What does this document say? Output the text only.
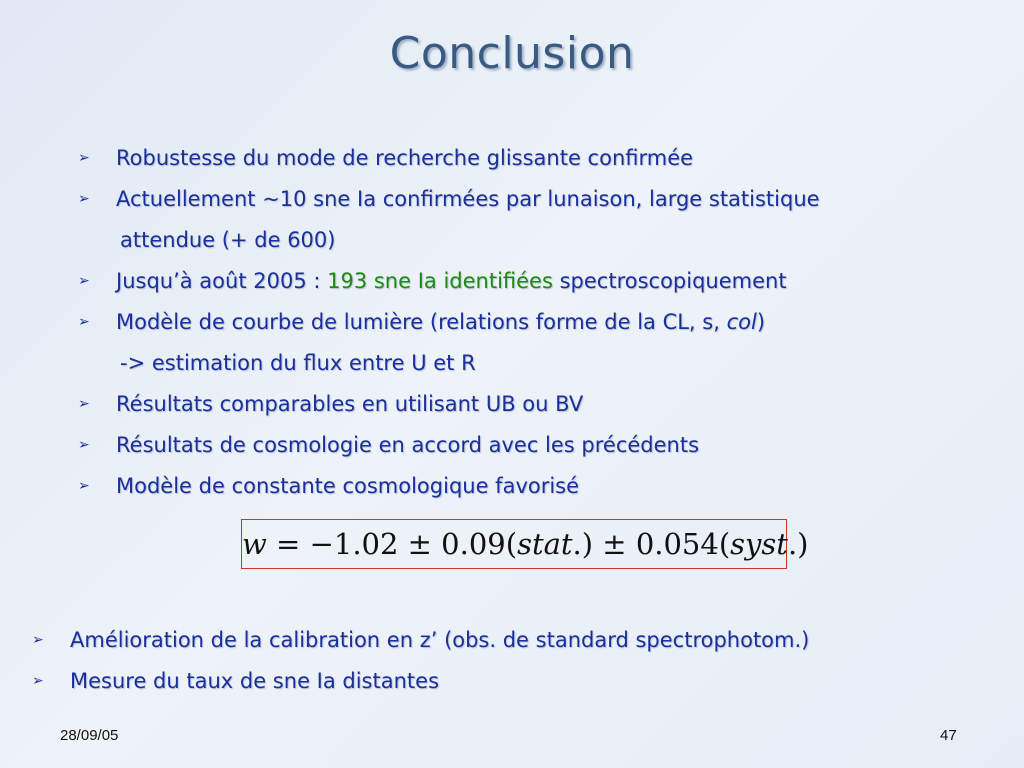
Conclusion
➢ Robustesse du mode de recherche glissante confirmée
➢ Actuellement ~10 sne Ia confirmées par lunaison, large statistique
attendue (+ de 600)
➢ Jusqu’à août 2005 : 193 sne Ia identifiées spectroscopiquement
➢ Modèle de courbe de lumière (relations forme de la CL, s, col)
-> estimation du flux entre U et R
➢ Résultats comparables en utilisant UB ou BV
➢ Résultats de cosmologie en accord avec les précédents
➢ Modèle de constante cosmologique favorisé
w = −1.02 ± 0.09(stat.) ± 0.054(syst.)
➢ Amélioration de la calibration en z’ (obs. de standard spectrophotom.)
➢ Mesure du taux de sne Ia distantes
28/09/05	47
